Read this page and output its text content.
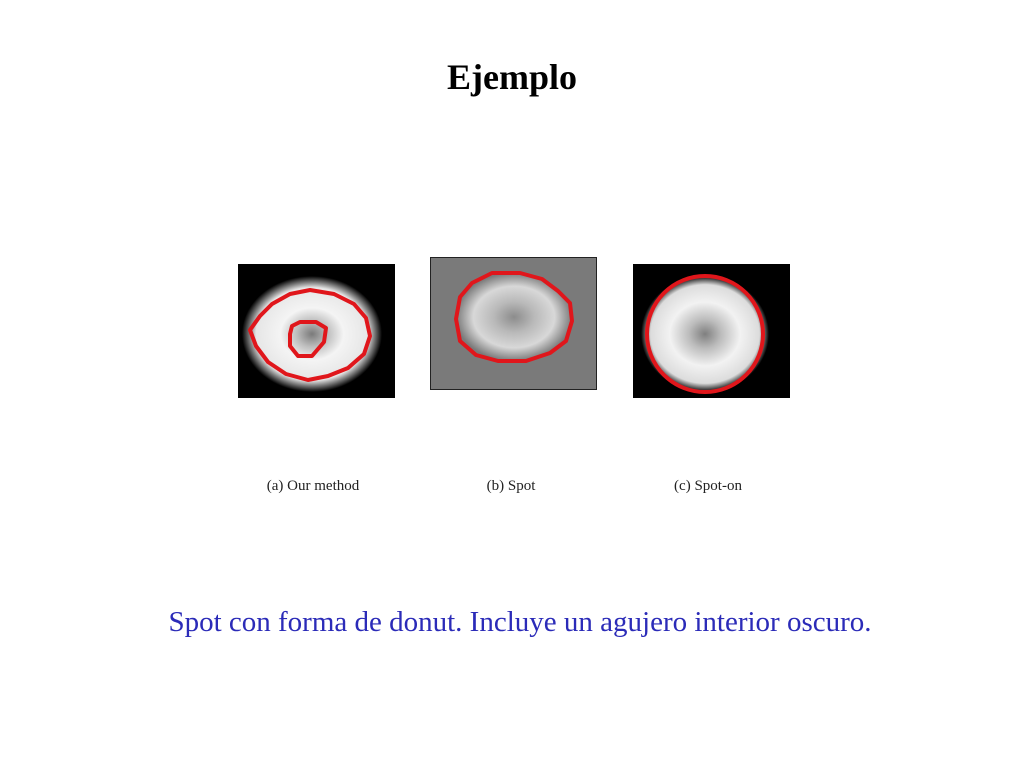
Ejemplo
(a) Our method	(b) Spot	(c) Spot-on
Spot con forma de donut. Incluye un agujero interior oscuro.
